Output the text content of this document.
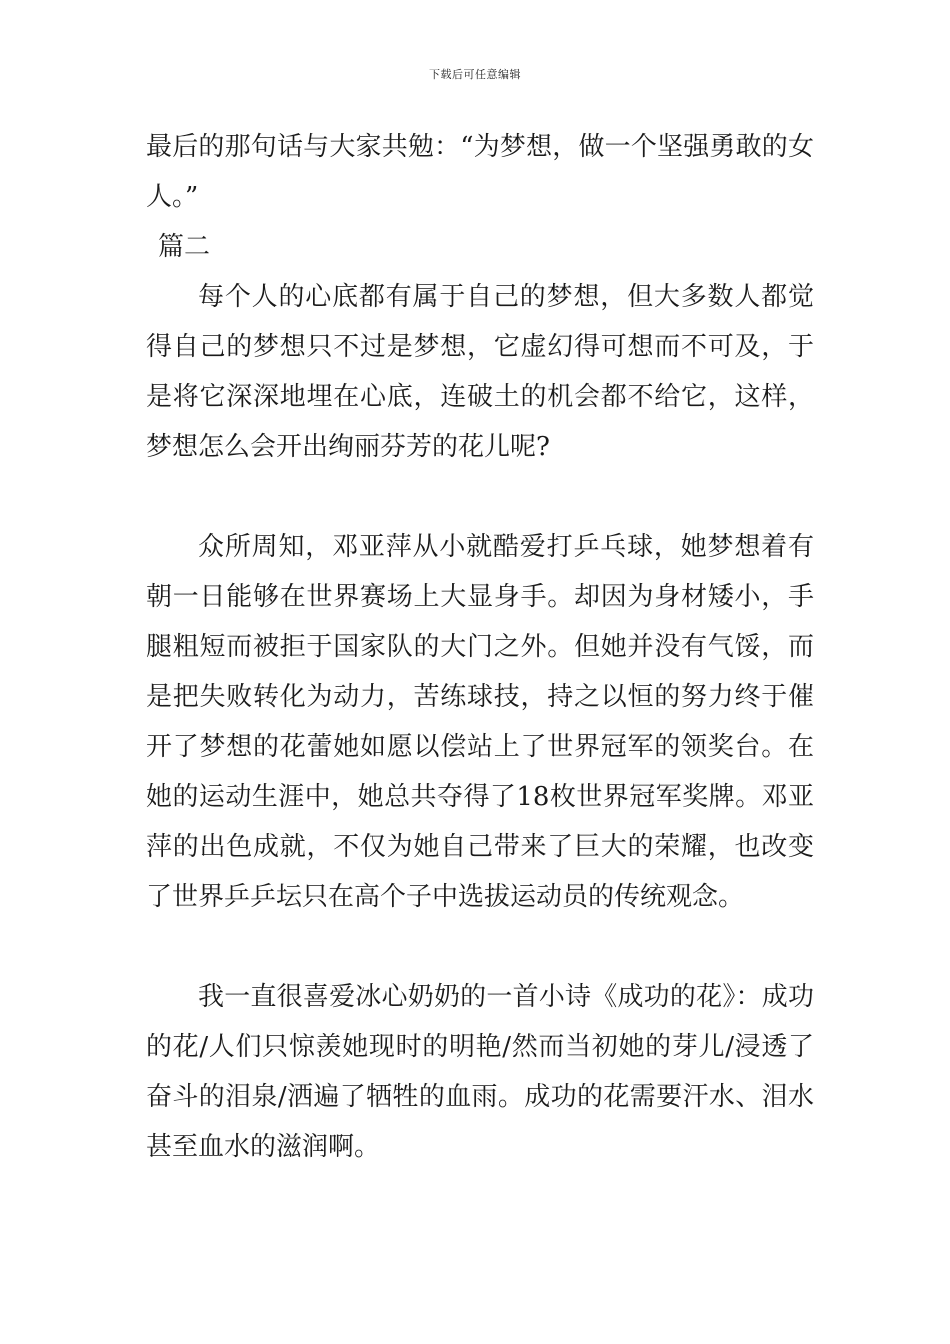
下载后可任意编辑

最后的那句话与大家共勉：“为梦想，做一个坚强勇敢的女人。”

篇二

每个人的心底都有属于自己的梦想，但大多数人都觉得自己的梦想只不过是梦想，它虚幻得可想而不可及，于是将它深深地埋在心底，连破土的机会都不给它，这样，梦想怎么会开出绚丽芬芳的花儿呢?

众所周知，邓亚萍从小就酷爱打乒乓球，她梦想着有朝一日能够在世界赛场上大显身手。却因为身材矮小，手腿粗短而被拒于国家队的大门之外。但她并没有气馁，而是把失败转化为动力，苦练球技，持之以恒的努力终于催开了梦想的花蕾她如愿以偿站上了世界冠军的领奖台。在她的运动生涯中，她总共夺得了18枚世界冠军奖牌。邓亚萍的出色成就，不仅为她自己带来了巨大的荣耀，也改变了世界乒乒坛只在高个子中选拔运动员的传统观念。

我一直很喜爱冰心奶奶的一首小诗《成功的花》：成功的花/人们只惊羡她现时的明艳/然而当初她的芽儿/浸透了奋斗的泪泉/洒遍了牺牲的血雨。成功的花需要汗水、泪水甚至血水的滋润啊。
